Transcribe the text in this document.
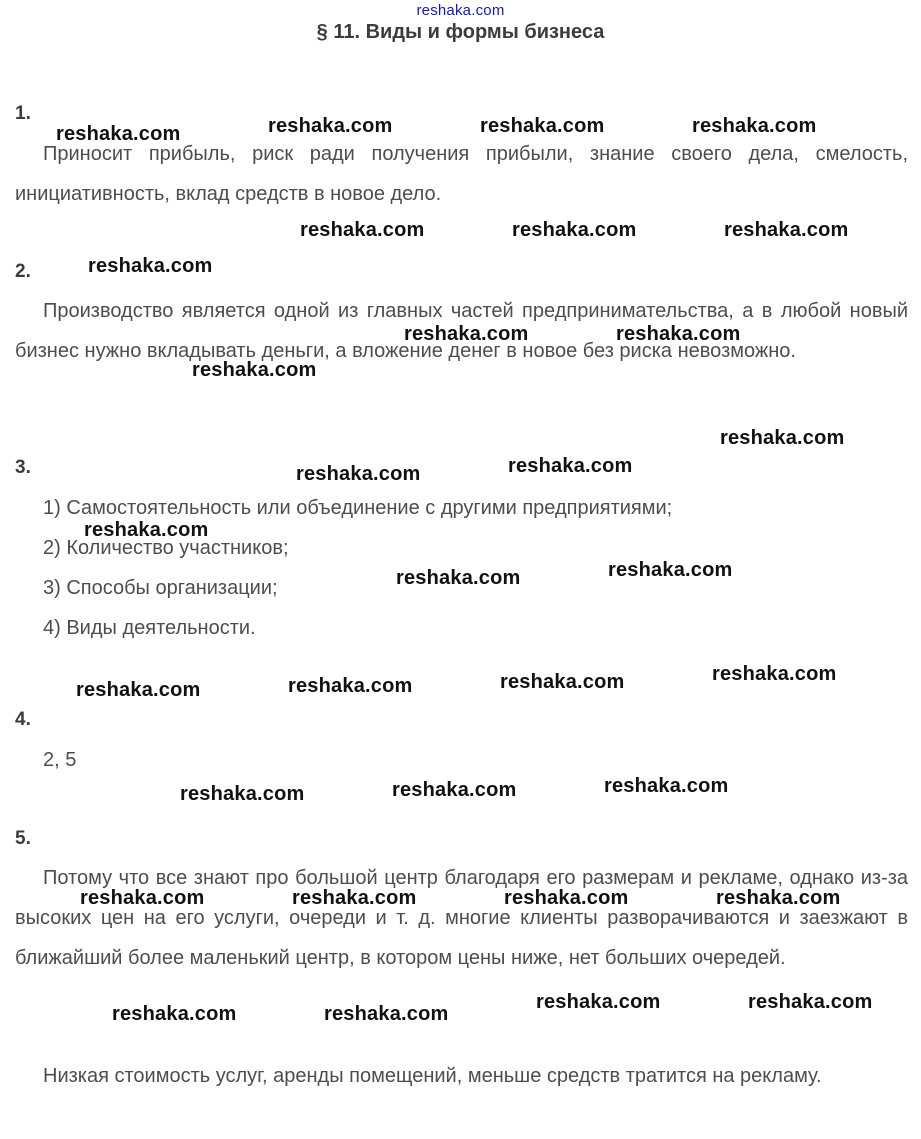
reshaka.com
§ 11. Виды и формы бизнеса
1.
Приносит прибыль, риск ради получения прибыли, знание своего дела, смелость, инициативность, вклад средств в новое дело.
2.
Производство является одной из главных частей предпринимательства, а в любой новый бизнес нужно вкладывать деньги, а вложение денег в новое без риска невозможно.
3.
1) Самостоятельность или объединение с другими предприятиями;
2) Количество участников;
3) Способы организации;
4) Виды деятельности.
4.
2, 5
5.
Потому что все знают про большой центр благодаря его размерам и рекламе, однако из-за высоких цен на его услуги, очереди и т. д. многие клиенты разворачиваются и заезжают в ближайший более маленький центр, в котором цены ниже, нет больших очередей.
Низкая стоимость услуг, аренды помещений, меньше средств тратится на рекламу.
reshaka.com	reshaka.com	reshaka.com	reshaka.com
reshaka.com	reshaka.com	reshaka.com
reshaka.com
reshaka.com	reshaka.com
reshaka.com
reshaka.com
reshaka.com	reshaka.com
reshaka.com
reshaka.com	reshaka.com
reshaka.com	reshaka.com	reshaka.com	reshaka.com
reshaka.com	reshaka.com	reshaka.com
reshaka.com	reshaka.com	reshaka.com	reshaka.com
reshaka.com	reshaka.com
reshaka.com	reshaka.com
